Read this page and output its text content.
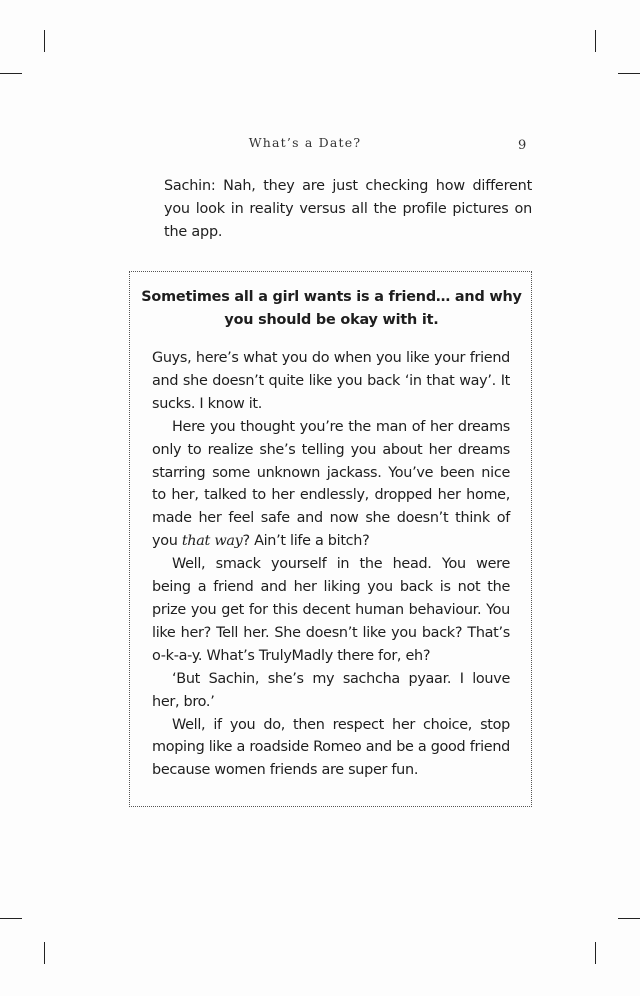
What’s a Date?	9
Sachin: Nah, they are just checking how different you look in reality versus all the profile pictures on the app.
Sometimes all a girl wants is a friend… and why you should be okay with it.

Guys, here’s what you do when you like your friend and she doesn’t quite like you back ‘in that way’. It sucks. I know it.

Here you thought you’re the man of her dreams only to realize she’s telling you about her dreams starring some unknown jackass. You’ve been nice to her, talked to her endlessly, dropped her home, made her feel safe and now she doesn’t think of you that way? Ain’t life a bitch?

Well, smack yourself in the head. You were being a friend and her liking you back is not the prize you get for this decent human behaviour. You like her? Tell her. She doesn’t like you back? That’s o-k-a-y. What’s TrulyMadly there for, eh?

‘But Sachin, she’s my sachcha pyaar. I louve her, bro.’

Well, if you do, then respect her choice, stop moping like a roadside Romeo and be a good friend because women friends are super fun.
